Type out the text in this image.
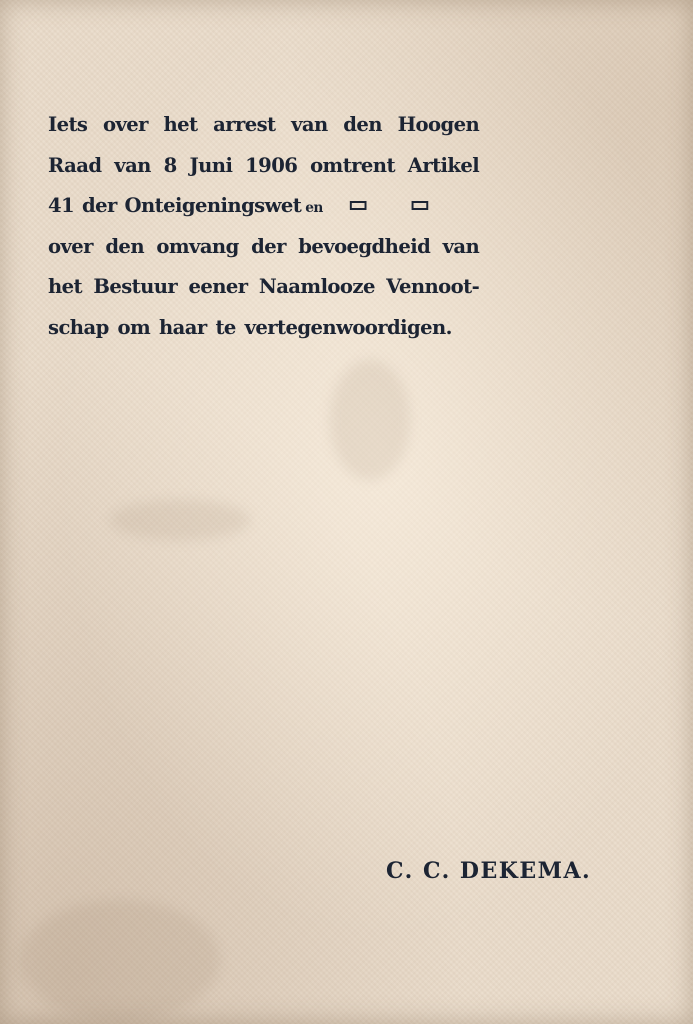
Iets over het arrest van den Hoogen
Raad van 8 Juni 1906 omtrent Artikel
41 der Onteigeningswet en
over den omvang der bevoegdheid van
het Bestuur eener Naamlooze Vennoot-
schap om haar te vertegenwoordigen.
C. C. DEKEMA.
